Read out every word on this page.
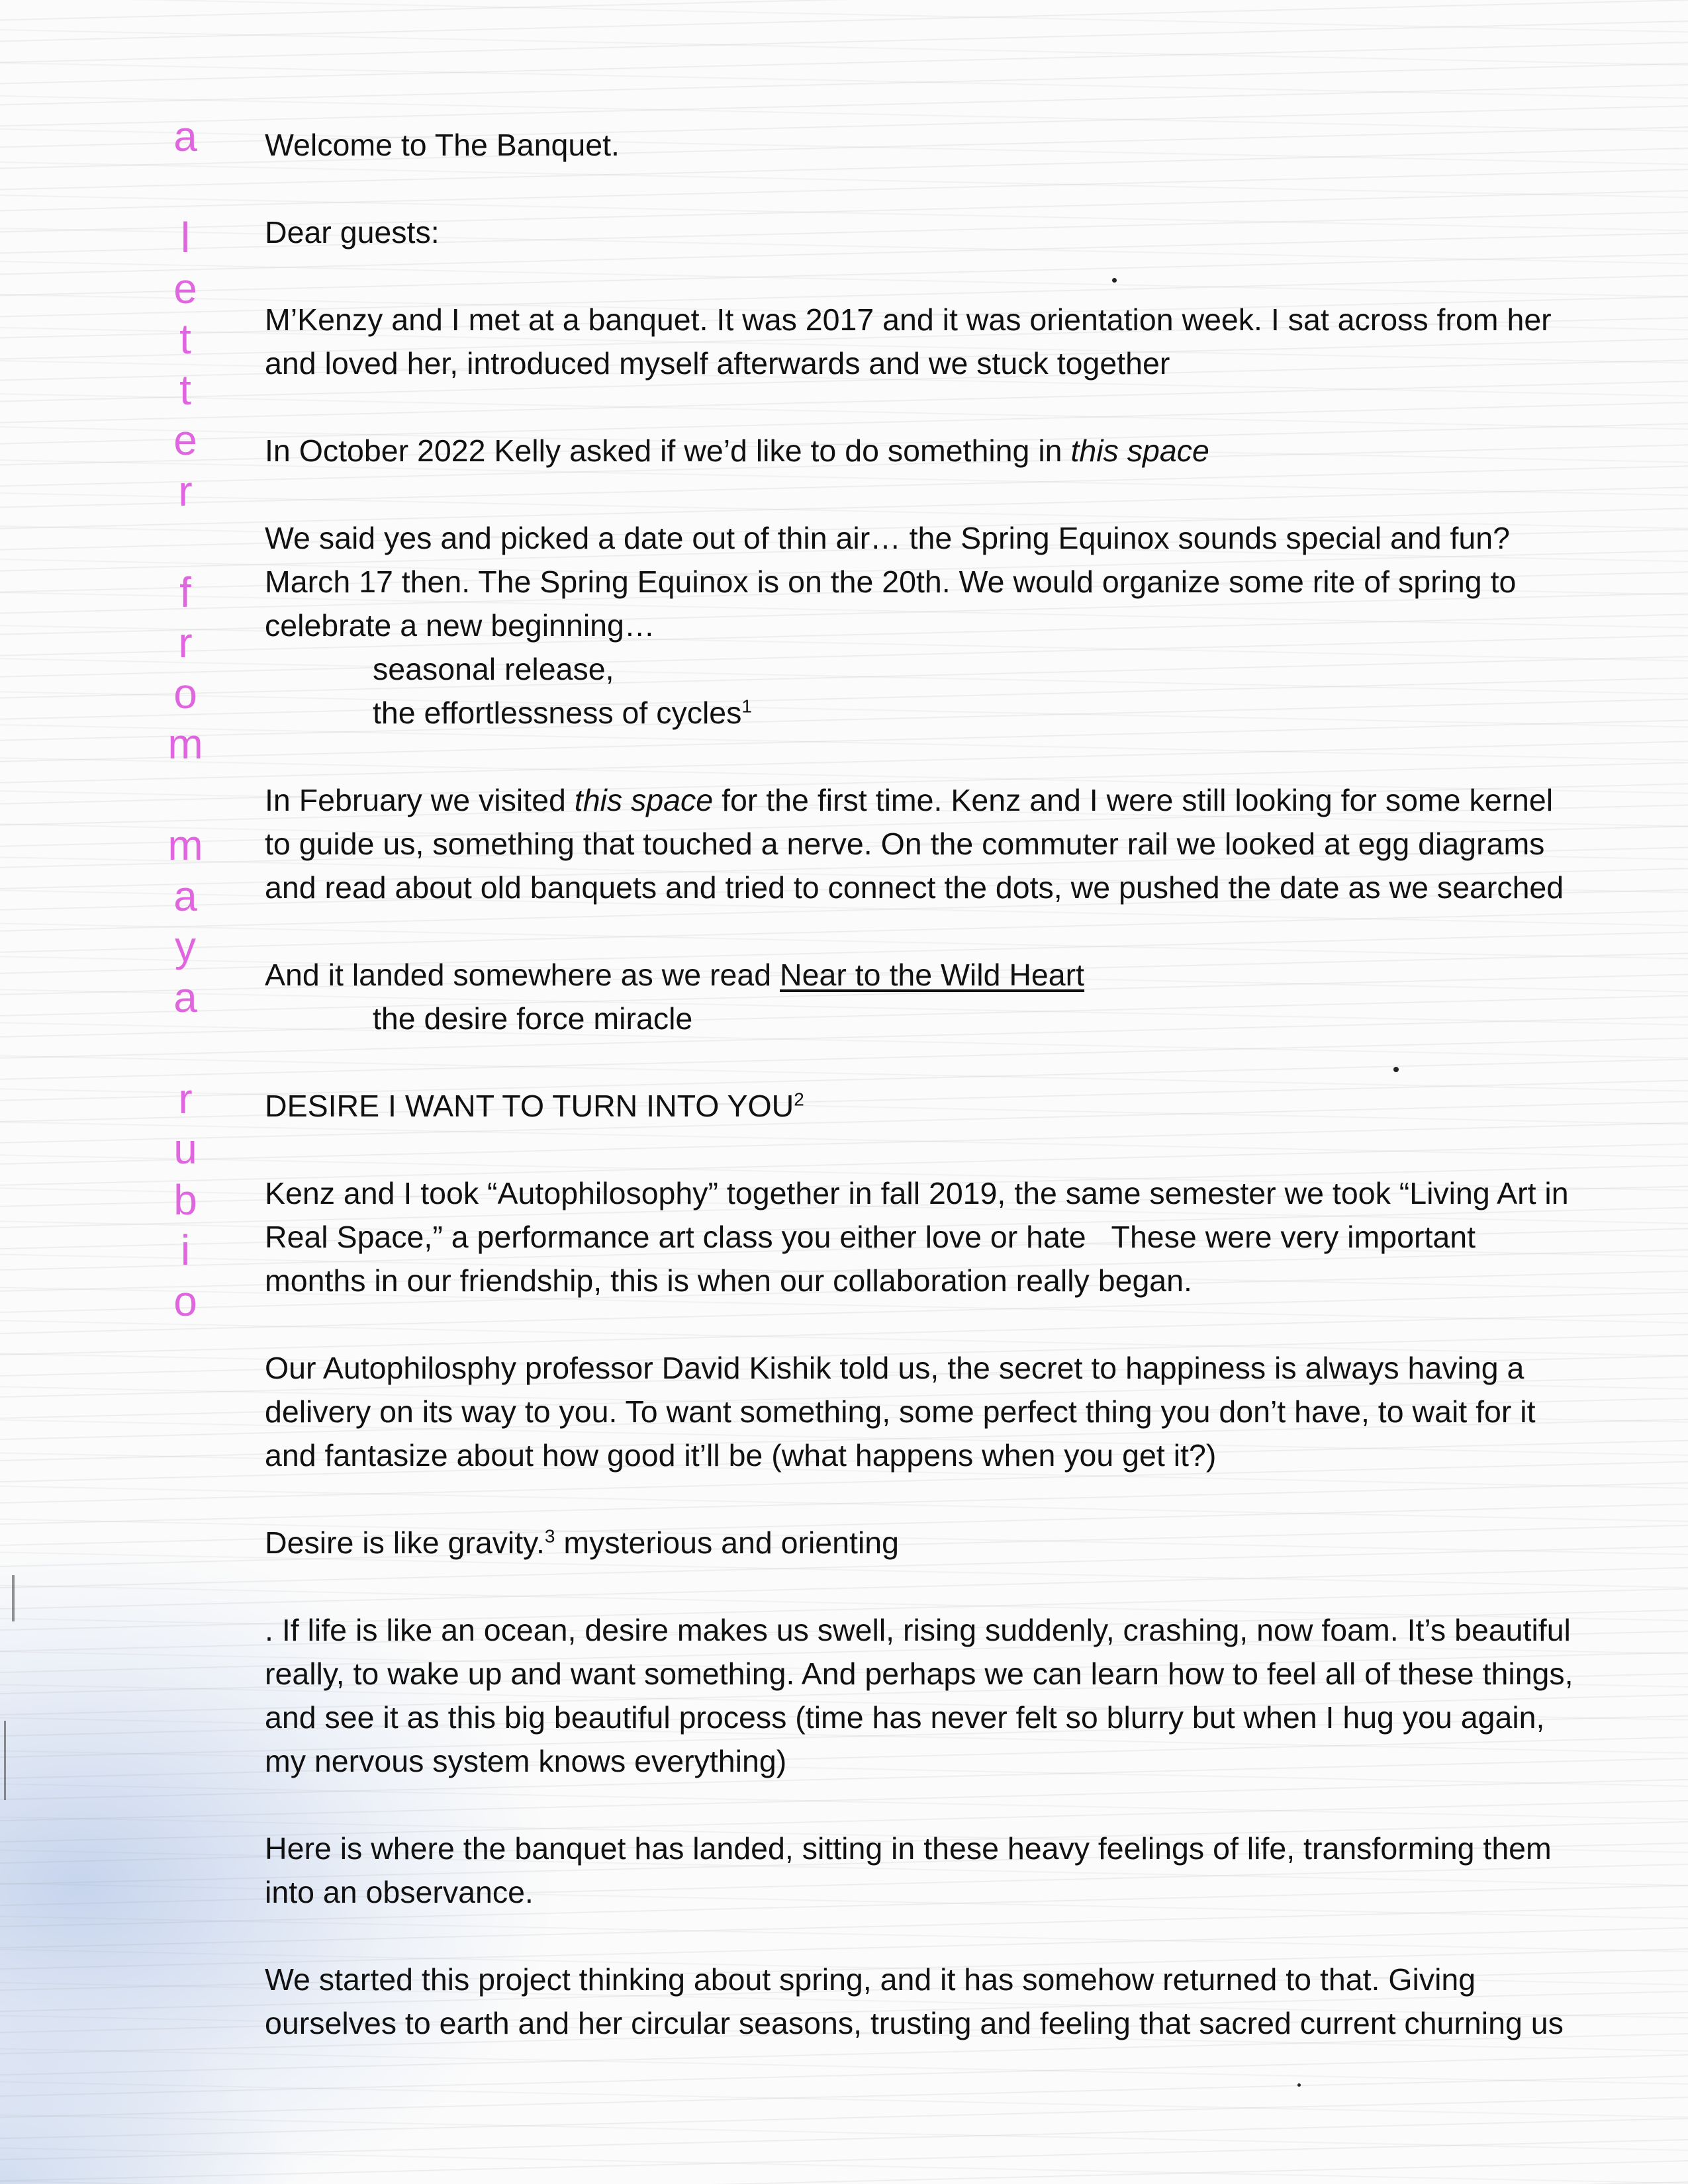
a
l
e
t
t
e
r
f
r
o
m
m
a
y
a
r
u
b
i
o

Welcome to The Banquet.

Dear guests:

M’Kenzy and I met at a banquet. It was 2017 and it was orientation week. I sat across from her
and loved her, introduced myself afterwards and we stuck together

In October 2022 Kelly asked if we’d like to do something in this space

We said yes and picked a date out of thin air… the Spring Equinox sounds special and fun?
March 17 then. The Spring Equinox is on the 20th. We would organize some rite of spring to
celebrate a new beginning…
seasonal release,
the effortlessness of cycles$^1$

In February we visited this space for the first time. Kenz and I were still looking for some kernel
to guide us, something that touched a nerve. On the commuter rail we looked at egg diagrams
and read about old banquets and tried to connect the dots, we pushed the date as we searched

And it landed somewhere as we read Near to the Wild Heart
the desire force miracle

DESIRE I WANT TO TURN INTO YOU$^2$

Kenz and I took “Autophilosophy” together in fall 2019, the same semester we took “Living Art in
Real Space,” a performance art class you either love or hate   These were very important
months in our friendship, this is when our collaboration really began.

Our Autophilosphy professor David Kishik told us, the secret to happiness is always having a
delivery on its way to you. To want something, some perfect thing you don’t have, to wait for it
and fantasize about how good it’ll be (what happens when you get it?)

Desire is like gravity.$^3$ mysterious and orienting

. If life is like an ocean, desire makes us swell, rising suddenly, crashing, now foam. It’s beautiful
really, to wake up and want something. And perhaps we can learn how to feel all of these things,
and see it as this big beautiful process (time has never felt so blurry but when I hug you again,
my nervous system knows everything)

Here is where the banquet has landed, sitting in these heavy feelings of life, transforming them
into an observance.

We started this project thinking about spring, and it has somehow returned to that. Giving
ourselves to earth and her circular seasons, trusting and feeling that sacred current churning us
